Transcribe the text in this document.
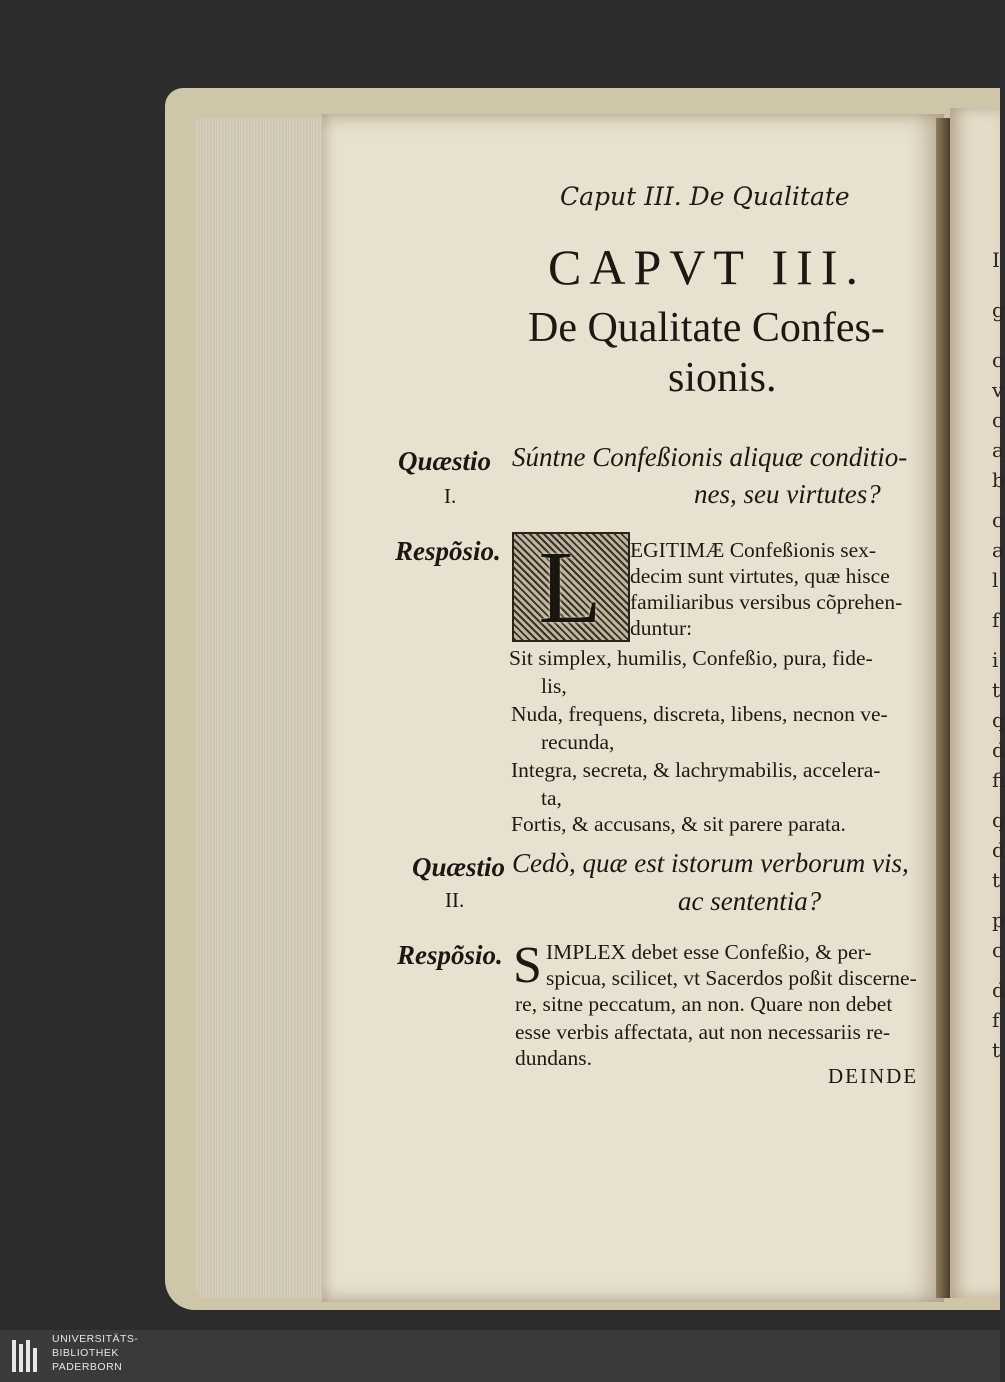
I
g
c
v
c
a
b
c
a
l
f
i
t
q
d
fi
q
d
t
p
c
d
f
t
Caput III. De Qualitate
CAPVT III.
De Qualitate Confes-
sionis.
Quæstio
I.
Súntne Confeßionis aliquæ conditio-
nes, seu virtutes?
Respõsio. L	EGITIMÆ Confeßionis sex-
decim sunt virtutes, quæ hisce
familiaribus versibus cõprehen-
duntur:
Sit simplex, humilis, Confeßio, pura, fide-
lis,
Nuda, frequens, discreta, libens, necnon ve-
recunda,
Integra, secreta, & lachrymabilis, accelera-
ta,
Fortis, & accusans, & sit parere parata.
Quæstio
II.
Cedò, quæ est istorum verborum vis,
ac sententia?
Respõsio. S IMPLEX debet esse Confeßio, & per-
spicua, scilicet, vt Sacerdos poßit discerne-
re, sitne peccatum, an non. Quare non debet
esse verbis affectata, aut non necessariis re-
dundans.
DEINDE
UNIVERSITÄTS-
BIBLIOTHEK
PADERBORN
